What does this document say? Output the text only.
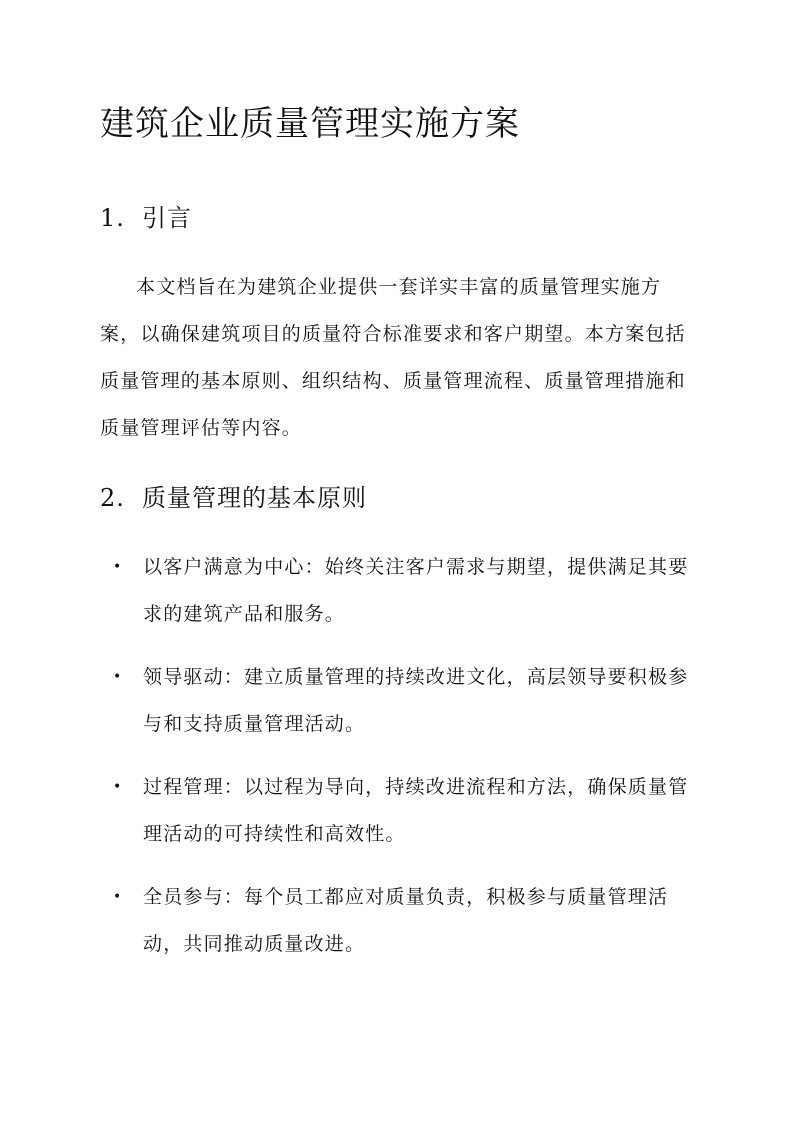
建筑企业质量管理实施方案
1. 引言

本文档旨在为建筑企业提供一套详实丰富的质量管理实施方案，以确保建筑项目的质量符合标准要求和客户期望。本方案包括质量管理的基本原则、组织结构、质量管理流程、质量管理措施和质量管理评估等内容。

2. 质量管理的基本原则
•	以客户满意为中心：始终关注客户需求与期望，提供满足其要求的建筑产品和服务。
•	领导驱动：建立质量管理的持续改进文化，高层领导要积极参与和支持质量管理活动。
•	过程管理：以过程为导向，持续改进流程和方法，确保质量管理活动的可持续性和高效性。
•	全员参与：每个员工都应对质量负责，积极参与质量管理活动，共同推动质量改进。
